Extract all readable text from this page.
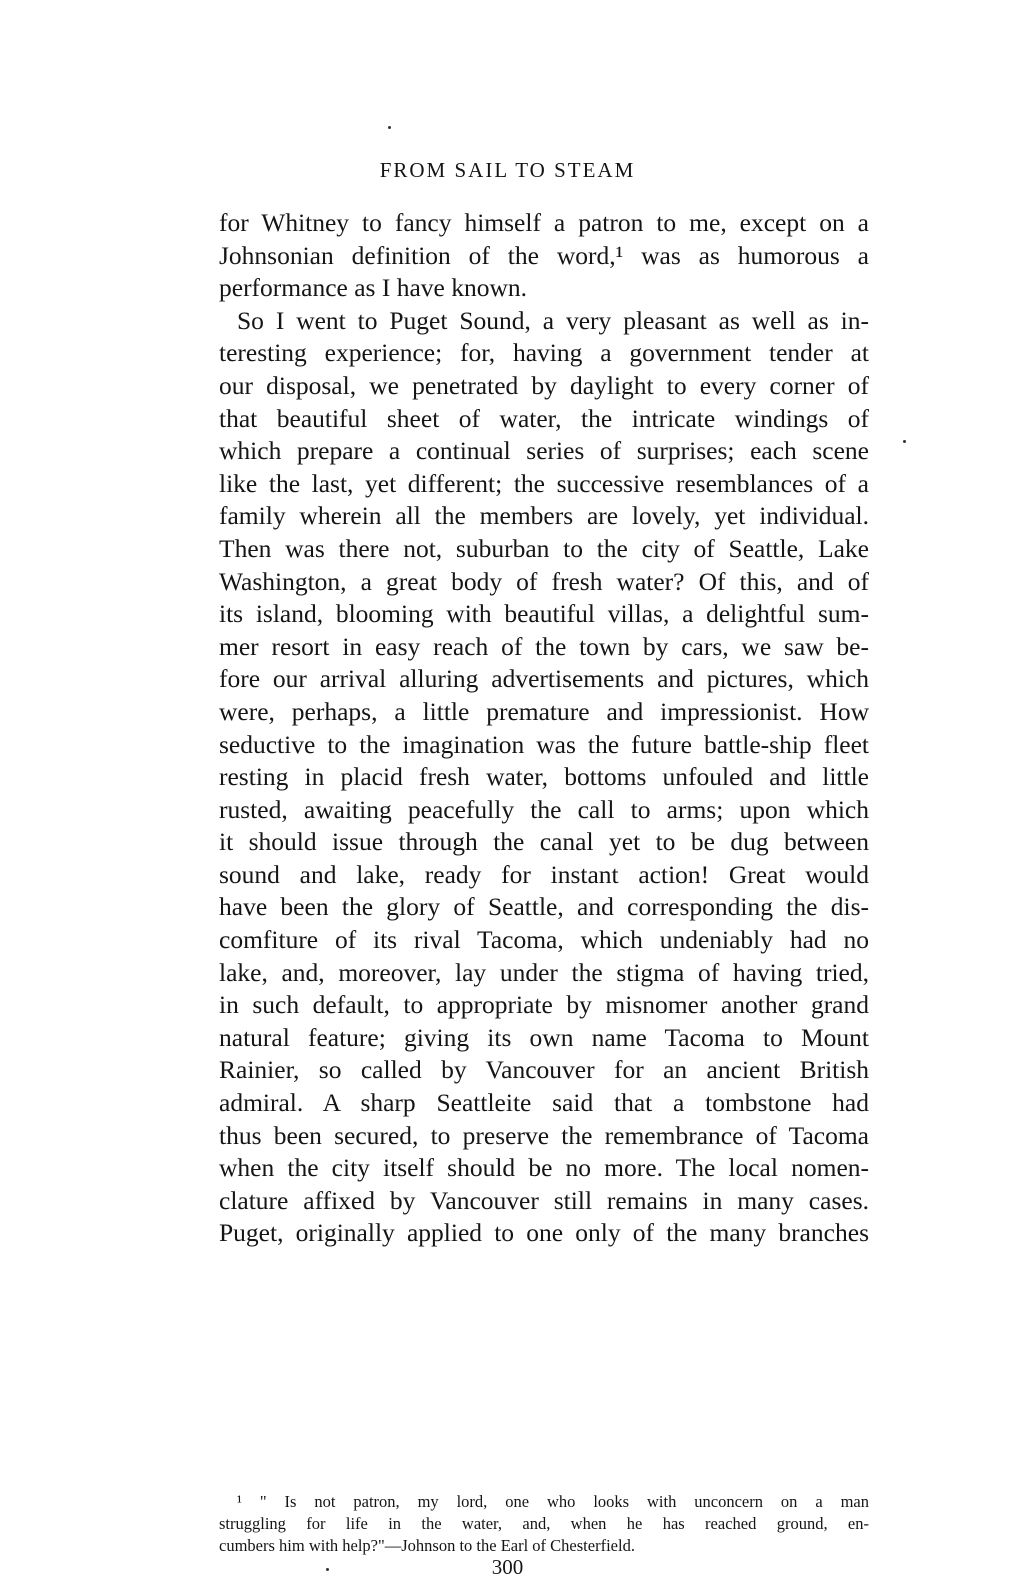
FROM SAIL TO STEAM
for Whitney to fancy himself a patron to me, except on a
Johnsonian definition of the word,¹ was as humorous a
performance as I have known.
So I went to Puget Sound, a very pleasant as well as in-
teresting experience; for, having a government tender at
our disposal, we penetrated by daylight to every corner of
that beautiful sheet of water, the intricate windings of
which prepare a continual series of surprises; each scene
like the last, yet different; the successive resemblances of a
family wherein all the members are lovely, yet individual.
Then was there not, suburban to the city of Seattle, Lake
Washington, a great body of fresh water? Of this, and of
its island, blooming with beautiful villas, a delightful sum-
mer resort in easy reach of the town by cars, we saw be-
fore our arrival alluring advertisements and pictures, which
were, perhaps, a little premature and impressionist. How
seductive to the imagination was the future battle-ship fleet
resting in placid fresh water, bottoms unfouled and little
rusted, awaiting peacefully the call to arms; upon which
it should issue through the canal yet to be dug between
sound and lake, ready for instant action! Great would
have been the glory of Seattle, and corresponding the dis-
comfiture of its rival Tacoma, which undeniably had no
lake, and, moreover, lay under the stigma of having tried,
in such default, to appropriate by misnomer another grand
natural feature; giving its own name Tacoma to Mount
Rainier, so called by Vancouver for an ancient British
admiral. A sharp Seattleite said that a tombstone had
thus been secured, to preserve the remembrance of Tacoma
when the city itself should be no more. The local nomen-
clature affixed by Vancouver still remains in many cases.
Puget, originally applied to one only of the many branches
¹ " Is not patron, my lord, one who looks with unconcern on a man
struggling for life in the water, and, when he has reached ground, en-
cumbers him with help?"—Johnson to the Earl of Chesterfield.

300
